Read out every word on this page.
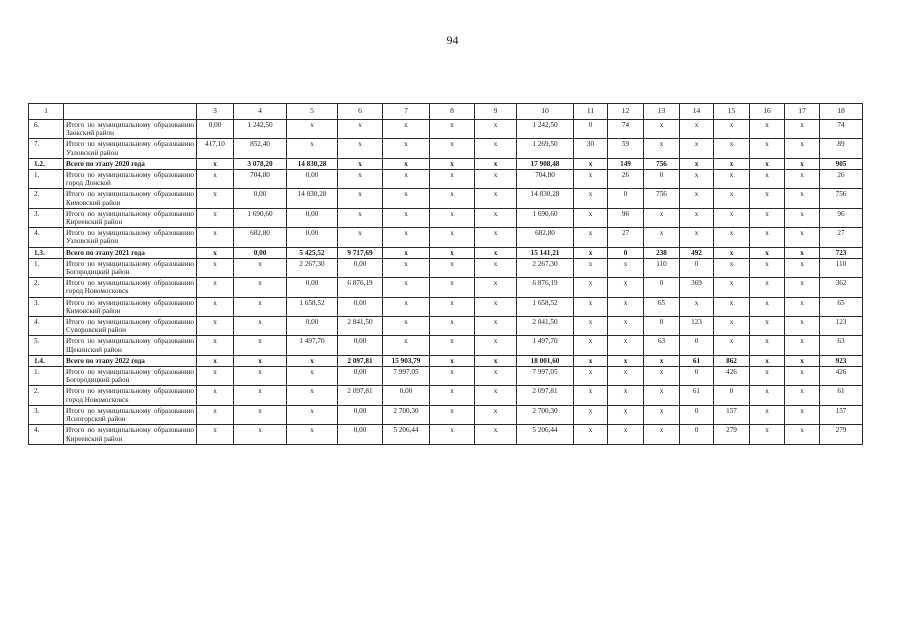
94
1		3	4	5	6	7	8	9	10	11	12	13	14	15	16	17	18
6.	Итого по муниципальному образованию Заокский район	0,00	1 242,50	x	x	x	x	x	1 242,50	0	74	x	x	x	x	x	74
7.	Итого по муниципальному образованию Узловский район	417,10	852,40	x	x	x	x	x	1 269,50	30	59	x	x	x	x	x	89
1.2.	Всего по этапу 2020 года	x	3 078,20	14 830,28	x	x	x	x	17 908,48	x	149	756	x	x	x	x	905
1.	Итого по муниципальному образованию город Донской	x	704,80	0,00	x	x	x	x	704,80	x	26	0	x	x	x	x	26
2.	Итого по муниципальному образованию Кимовский район	x	0,00	14 830,28	x	x	x	x	14 830,28	x	0	756	x	x	x	x	756
3.	Итого по муниципальному образованию Киреевский район	x	1 690,60	0,00	x	x	x	x	1 690,60	x	96	x	x	x	x	x	96
4.	Итого по муниципальному образованию Узловский район	x	682,80	0,00	x	x	x	x	682,80	x	27	x	x	x	x	x	27
1.3.	Всего по этапу 2021 года	x	0,00	5 425,52	9 717,69	x	x	x	15 141,21	x	0	238	492	x	x	x	723
1.	Итого по муниципальному образованию Богородицкий район	x	x	2 267,30	0,00	x	x	x	2 267,30	x	x	110	0	x	x	x	110
2.	Итого по муниципальному образованию город Новомосковск	x	x	0,00	6 876,19	x	x	x	6 876,19	x	x	0	369	x	x	x	362
3.	Итого по муниципальному образованию Кимовский район	x	x	1 658,52	0,00	x	x	x	1 658,52	x	x	65	x	x	x	x	65
4.	Итого по муниципальному образованию Суворовский район	x	x	0,00	2 841,50	x	x	x	2 841,50	x	x	0	123	x	x	x	123
5.	Итого по муниципальному образованию Щекинский район	x	x	1 497,70	0,00	x	x	x	1 497,70	x	x	63	0	x	x	x	63
1.4.	Всего по этапу 2022 года	x	x	x	2 097,81	15 903,79	x	x	18 001,60	x	x	x	61	862	x	x	923
1.	Итого по муниципальному образованию Богородицкий район	x	x	x	0,00	7 997,05	x	x	7 997,05	x	x	x	0	426	x	x	426
2.	Итого по муниципальному образованию город Новомосковск	x	x	x	2 097,81	0,00	x	x	2 097,81	x	x	x	61	0	x	x	61
3.	Итого по муниципальному образованию Ясногорский район	x	x	x	0,00	2 700,30	x	x	2 700,30	x	x	x	0	157	x	x	157
4.	Итого по муниципальному образованию Киреевский район	x	x	x	0,00	5 206,44	x	x	5 206,44	x	x	x	0	279	x	x	279
